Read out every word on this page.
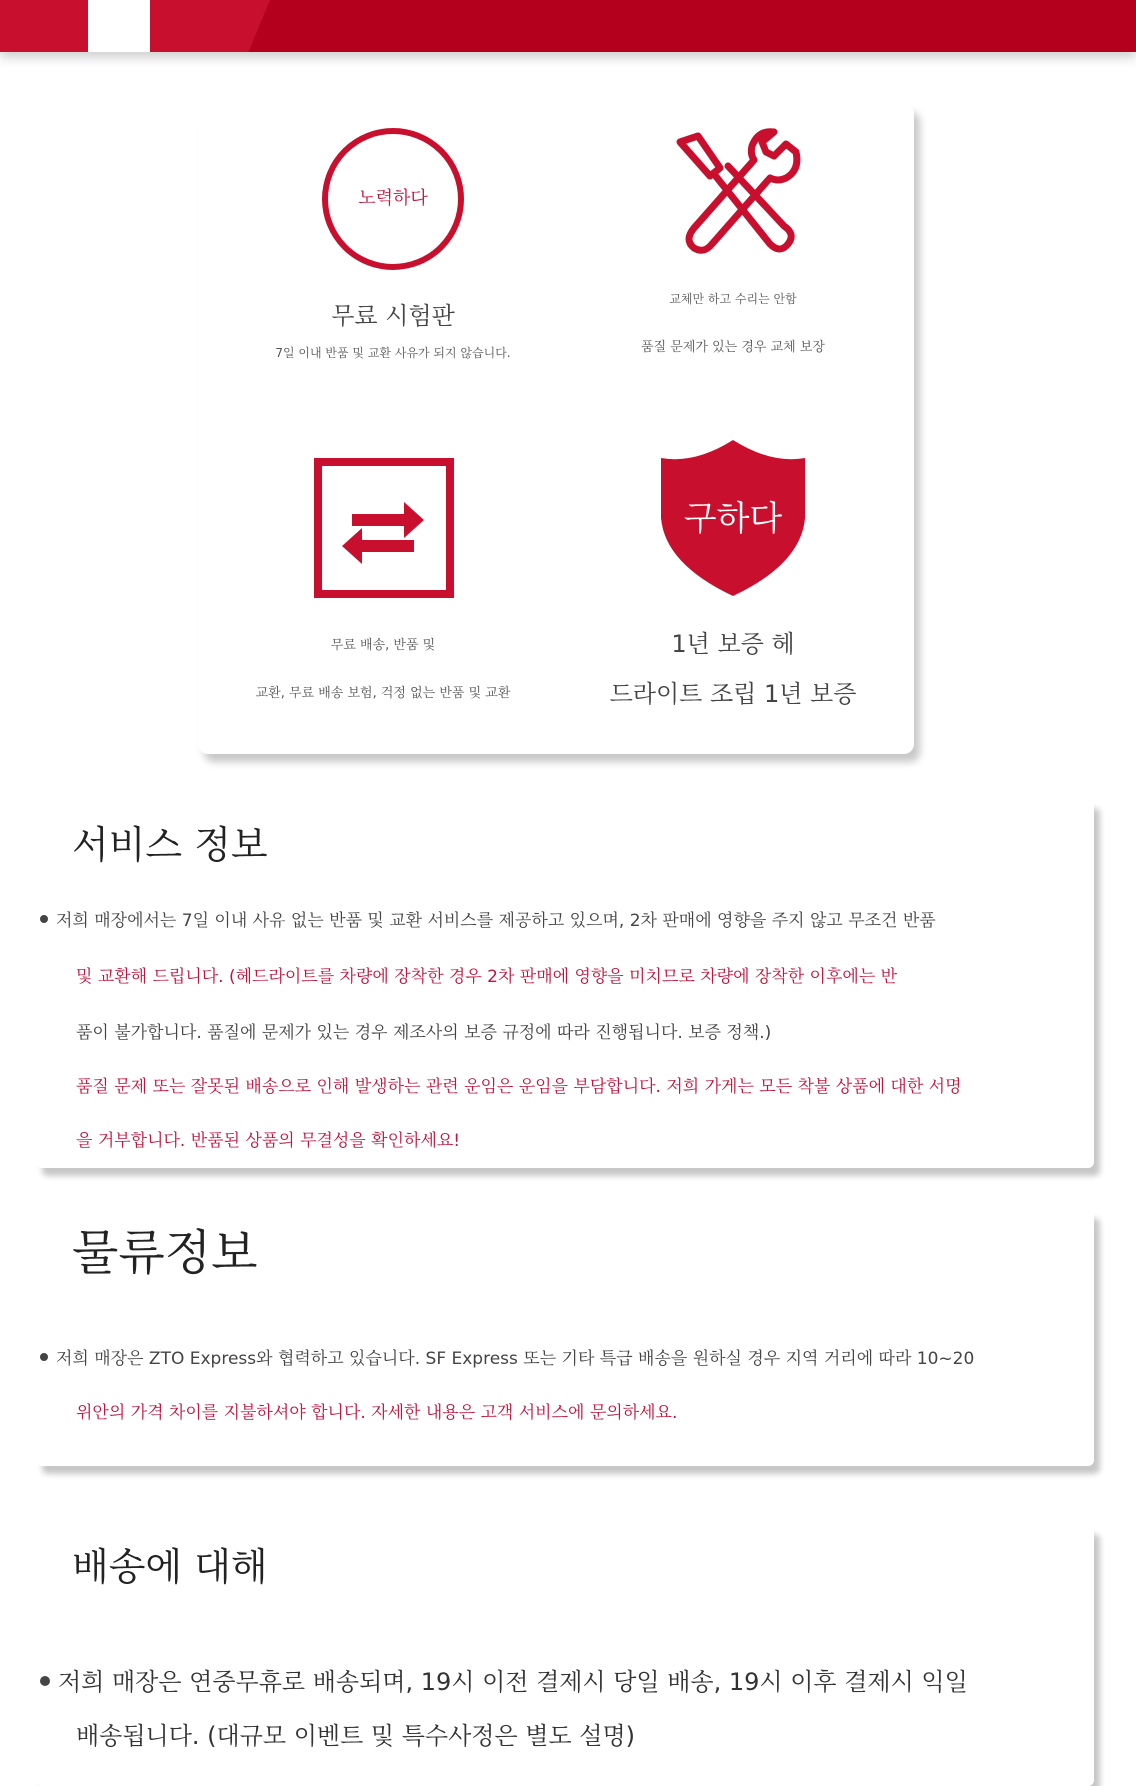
노력하다
무료 시험판
7일 이내 반품 및 교환 사유가 되지 않습니다.
교체만 하고 수리는 안함
품질 문제가 있는 경우 교체 보장
무료 배송, 반품 및
교환, 무료 배송 보험, 걱정 없는 반품 및 교환
구하다
1년 보증 헤
드라이트 조립 1년 보증
서비스 정보
저희 매장에서는 7일 이내 사유 없는 반품 및 교환 서비스를 제공하고 있으며, 2차 판매에 영향을 주지 않고 무조건 반품
및 교환해 드립니다. (헤드라이트를 차량에 장착한 경우 2차 판매에 영향을 미치므로 차량에 장착한 이후에는 반
품이 불가합니다. 품질에 문제가 있는 경우 제조사의 보증 규정에 따라 진행됩니다. 보증 정책.)
품질 문제 또는 잘못된 배송으로 인해 발생하는 관련 운임은 운임을 부담합니다. 저희 가게는 모든 착불 상품에 대한 서명
을 거부합니다. 반품된 상품의 무결성을 확인하세요!
물류정보
저희 매장은 ZTO Express와 협력하고 있습니다. SF Express 또는 기타 특급 배송을 원하실 경우 지역 거리에 따라 10~20
위안의 가격 차이를 지불하셔야 합니다. 자세한 내용은 고객 서비스에 문의하세요.
배송에 대해
저희 매장은 연중무휴로 배송되며, 19시 이전 결제시 당일 배송, 19시 이후 결제시 익일
배송됩니다. (대규모 이벤트 및 특수사정은 별도 설명)
